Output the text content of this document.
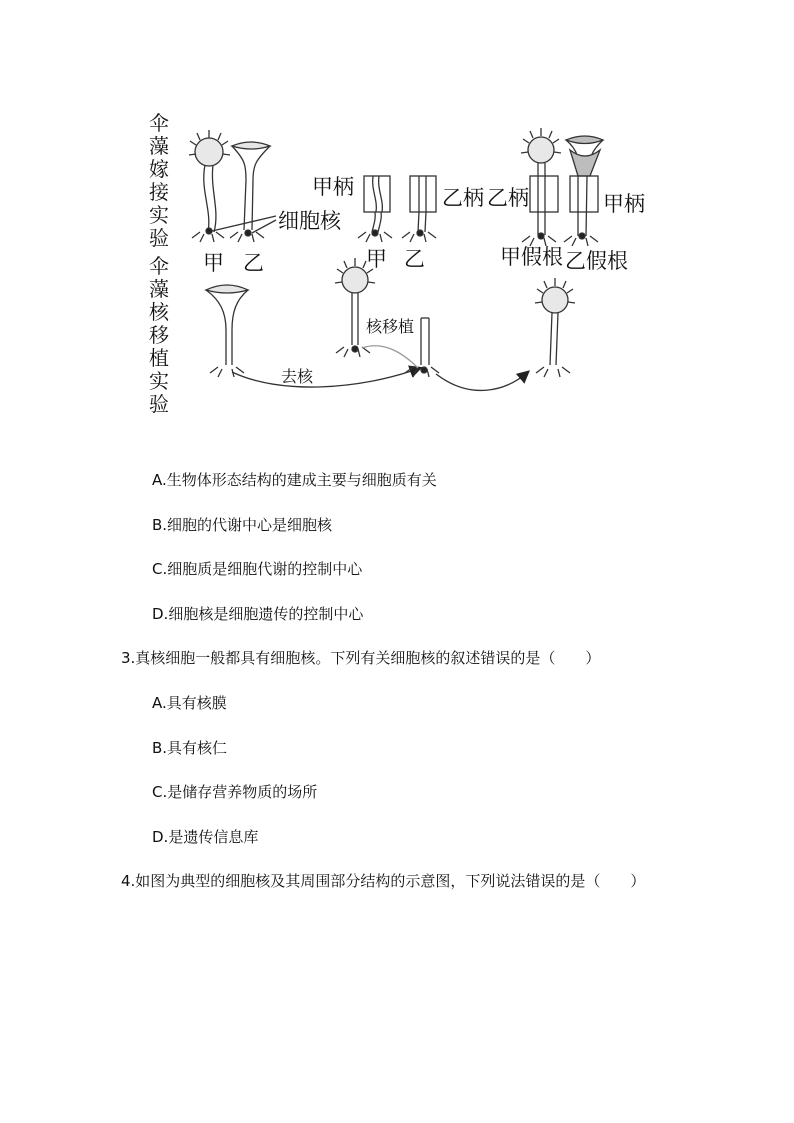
伞
藻
嫁
接
实
验
伞
藻
核
移
植
实
验
甲 乙
细胞核
甲柄
甲 乙
乙柄 乙柄	甲柄
甲假根 乙假根
核移植
去核
A.生物体形态结构的建成主要与细胞质有关
B.细胞的代谢中心是细胞核
C.细胞质是细胞代谢的控制中心
D.细胞核是细胞遗传的控制中心
3.真核细胞一般都具有细胞核。下列有关细胞核的叙述错误的是（　　）
A.具有核膜
B.具有核仁
C.是储存营养物质的场所
D.是遗传信息库
4.如图为典型的细胞核及其周围部分结构的示意图，下列说法错误的是（　　）
